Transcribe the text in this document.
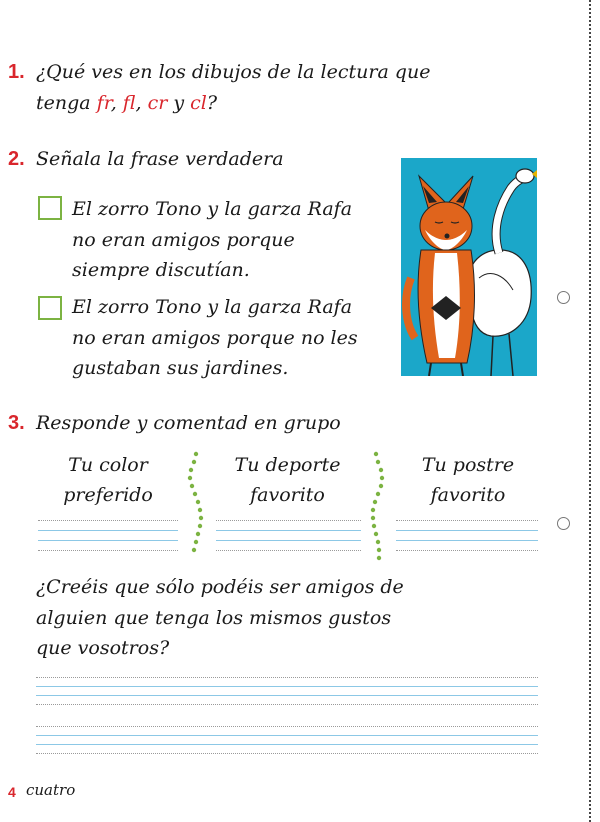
1. ¿Qué ves en los dibujos de la lectura que
tenga fr, fl, cr y cl?
2. Señala la frase verdadera
El zorro Tono y la garza Rafa
no eran amigos porque
siempre discutían.
El zorro Tono y la garza Rafa
no eran amigos porque no les
gustaban sus jardines.
3. Responde y comentad en grupo
Tu color
preferido
Tu deporte
favorito
Tu postre
favorito
¿Creéis que sólo podéis ser amigos de
alguien que tenga los mismos gustos
que vosotros?
4 cuatro
